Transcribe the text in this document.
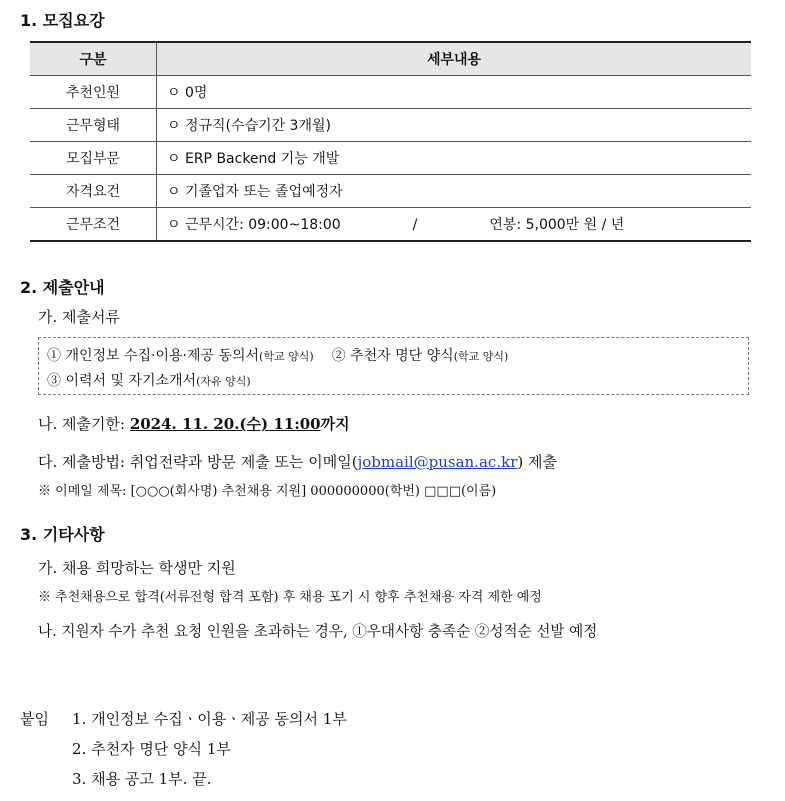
1. 모집요강
구분	세부내용
추천인원	ㅇ 0명
근무형태	ㅇ 정규직(수습기간 3개월)
모집부문	ㅇ ERP Backend 기능 개발
자격요건	ㅇ 기졸업자 또는 졸업예정자
근무조건	ㅇ 근무시간: 09:00~18:00 / 연봉: 5,000만 원 / 년
2. 제출안내
가. 제출서류
① 개인정보 수집·이용·제공 동의서(학교 양식) ② 추천자 명단 양식(학교 양식)
③ 이력서 및 자기소개서(자유 양식)
나. 제출기한: 2024. 11. 20.(수) 11:00까지
다. 제출방법: 취업전략과 방문 제출 또는 이메일(jobmail@pusan.ac.kr) 제출
※ 이메일 제목: [○○○(회사명) 추천채용 지원] 000000000(학번) □□□(이름)
3. 기타사항
가. 채용 희망하는 학생만 지원
※ 추천채용으로 합격(서류전형 합격 포함) 후 채용 포기 시 향후 추천채용 자격 제한 예정
나. 지원자 수가 추천 요청 인원을 초과하는 경우, ①우대사항 충족순 ②성적순 선발 예정
붙임 1. 개인정보 수집ㆍ이용ㆍ제공 동의서 1부
2. 추천자 명단 양식 1부
3. 채용 공고 1부. 끝.
